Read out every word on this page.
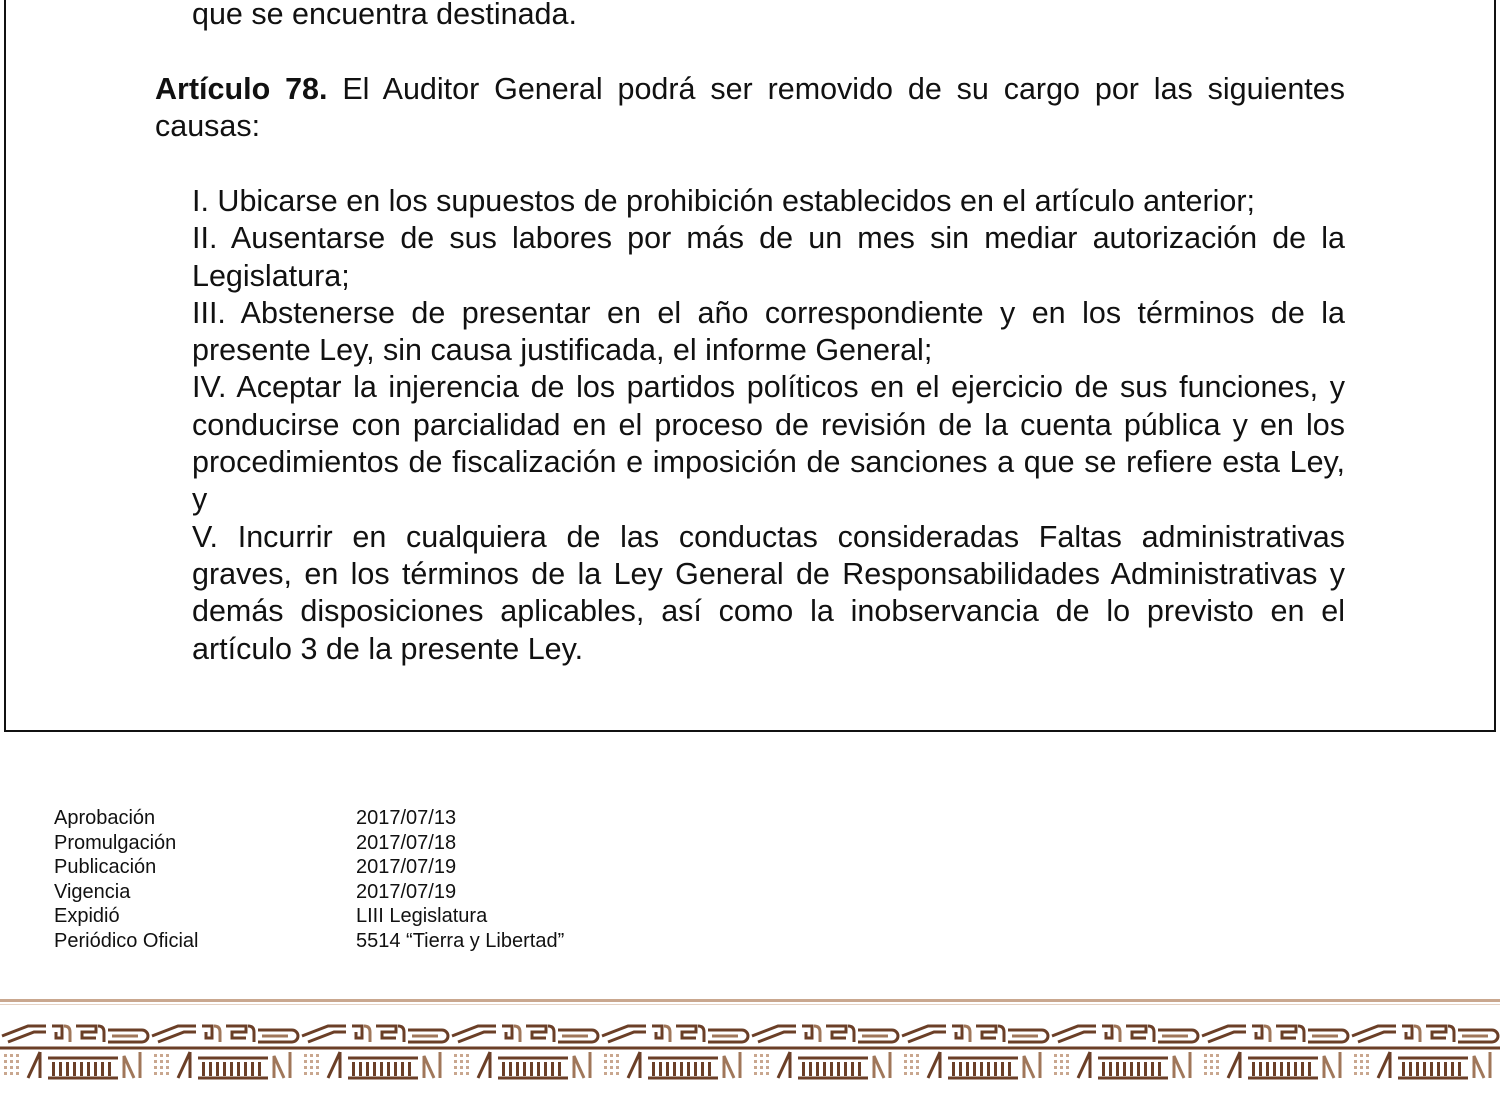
que se encuentra destinada.
Artículo 78. El Auditor General podrá ser removido de su cargo por las siguientes causas:
I. Ubicarse en los supuestos de prohibición establecidos en el artículo anterior;
II. Ausentarse de sus labores por más de un mes sin mediar autorización de la Legislatura;
III. Abstenerse de presentar en el año correspondiente y en los términos de la presente Ley, sin causa justificada, el informe General;
IV. Aceptar la injerencia de los partidos políticos en el ejercicio de sus funciones, y conducirse con parcialidad en el proceso de revisión de la cuenta pública y en los procedimientos de fiscalización e imposición de sanciones a que se refiere esta Ley, y
V. Incurrir en cualquiera de las conductas consideradas Faltas administrativas graves, en los términos de la Ley General de Responsabilidades Administrativas y demás disposiciones aplicables, así como la inobservancia de lo previsto en el artículo 3 de la presente Ley.
Aprobación	2017/07/13
Promulgación	2017/07/18
Publicación	2017/07/19
Vigencia	2017/07/19
Expidió	LIII Legislatura
Periódico Oficial	5514 “Tierra y Libertad”
